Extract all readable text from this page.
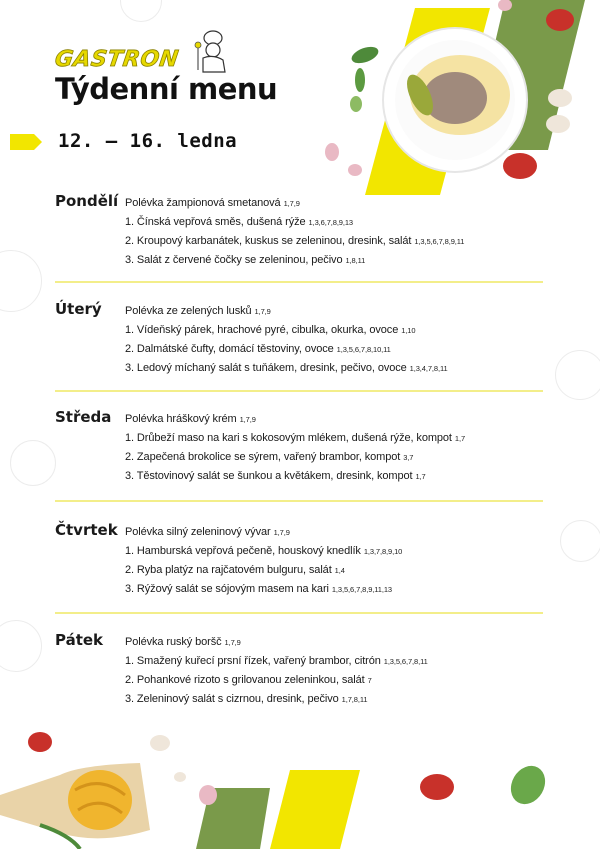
GASTRON
Týdenní menu
12. – 16. ledna
Pondělí Polévka žampionová smetanová 1,7,9
1. Čínská vepřová směs, dušená rýže 1,3,6,7,8,9,13
2. Kroupový karbanátek, kuskus se zeleninou, dresink, salát 1,3,5,6,7,8,9,11
3. Salát z červené čočky se zeleninou, pečivo 1,8,11
Úterý Polévka ze zelených lusků 1,7,9
1. Vídeňský párek, hrachové pyré, cibulka, okurka, ovoce 1,10
2. Dalmátské čufty, domácí těstoviny, ovoce 1,3,5,6,7,8,10,11
3. Ledový míchaný salát s tuňákem, dresink, pečivo, ovoce 1,3,4,7,8,11
Středa Polévka hráškový krém 1,7,9
1. Drůbeží maso na kari s kokosovým mlékem, dušená rýže, kompot 1,7
2. Zapečená brokolice se sýrem, vařený brambor, kompot 3,7
3. Těstovinový salát se šunkou a květákem, dresink, kompot 1,7
Čtvrtek Polévka silný zeleninový vývar 1,7,9
1. Hamburská vepřová pečeně, houskový knedlík 1,3,7,8,9,10
2. Ryba platýz na rajčatovém bulguru, salát 1,4
3. Rýžový salát se sójovým masem na kari 1,3,5,6,7,8,9,11,13
Pátek Polévka ruský boršč 1,7,9
1. Smažený kuřecí prsní řízek, vařený brambor, citrón 1,3,5,6,7,8,11
2. Pohankové rizoto s grilovanou zeleninkou, salát 7
3. Zeleninový salát s cizrnou, dresink, pečivo 1,7,8,11
